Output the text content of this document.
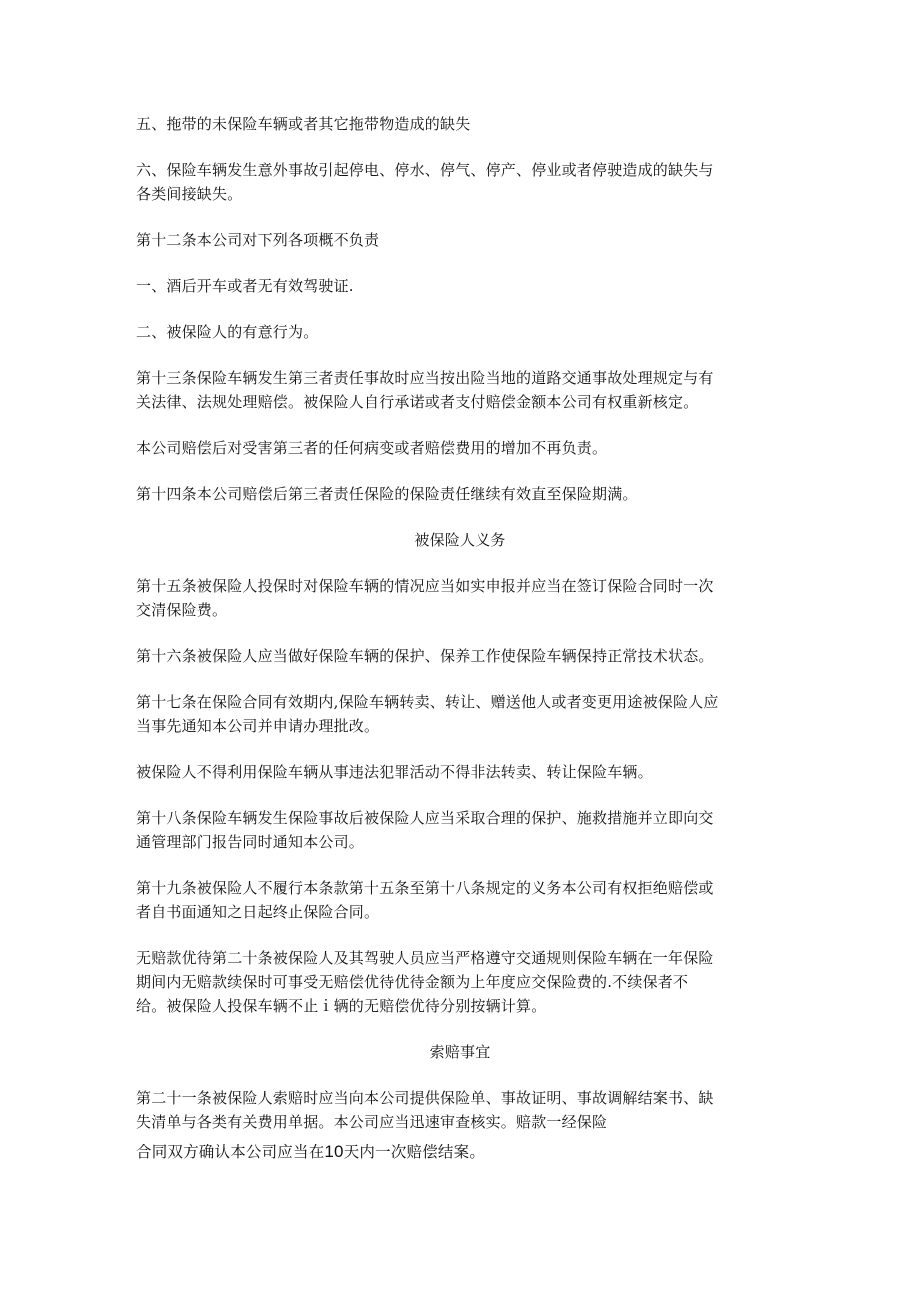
五、拖带的未保险车辆或者其它拖带物造成的缺失

六、保险车辆发生意外事故引起停电、停水、停气、停产、停业或者停驶造成的缺失与
各类间接缺失。

第十二条本公司对下列各项概不负责

一、酒后开车或者无有效驾驶证.

二、被保险人的有意行为。

第十三条保险车辆发生第三者责任事故时应当按出险当地的道路交通事故处理规定与有
关法律、法规处理赔偿。被保险人自行承诺或者支付赔偿金额本公司有权重新核定。

本公司赔偿后对受害第三者的任何病变或者赔偿费用的增加不再负责。

第十四条本公司赔偿后第三者责任保险的保险责任继续有效直至保险期满。

被保险人义务

第十五条被保险人投保时对保险车辆的情况应当如实申报并应当在签订保险合同时一次
交清保险费。

第十六条被保险人应当做好保险车辆的保护、保养工作使保险车辆保持正常技术状态。

第十七条在保险合同有效期内,保险车辆转卖、转让、赠送他人或者变更用途被保险人应
当事先通知本公司并申请办理批改。

被保险人不得利用保险车辆从事违法犯罪活动不得非法转卖、转让保险车辆。

第十八条保险车辆发生保险事故后被保险人应当采取合理的保护、施救措施并立即向交
通管理部门报告同时通知本公司。

第十九条被保险人不履行本条款第十五条至第十八条规定的义务本公司有权拒绝赔偿或
者自书面通知之日起终止保险合同。

无赔款优待第二十条被保险人及其驾驶人员应当严格遵守交通规则保险车辆在一年保险
期间内无赔款续保时可事受无赔偿优待优待金额为上年度应交保险费的.不续保者不
给。被保险人投保车辆不止ｉ辆的无赔偿优待分别按辆计算。

索赔事宜

第二十一条被保险人索赔时应当向本公司提供保险单、事故证明、事故调解结案书、缺
失清单与各类有关费用单据。本公司应当迅速审查核实。赔款一经保险

合同双方确认本公司应当在10天内一次赔偿结案。
